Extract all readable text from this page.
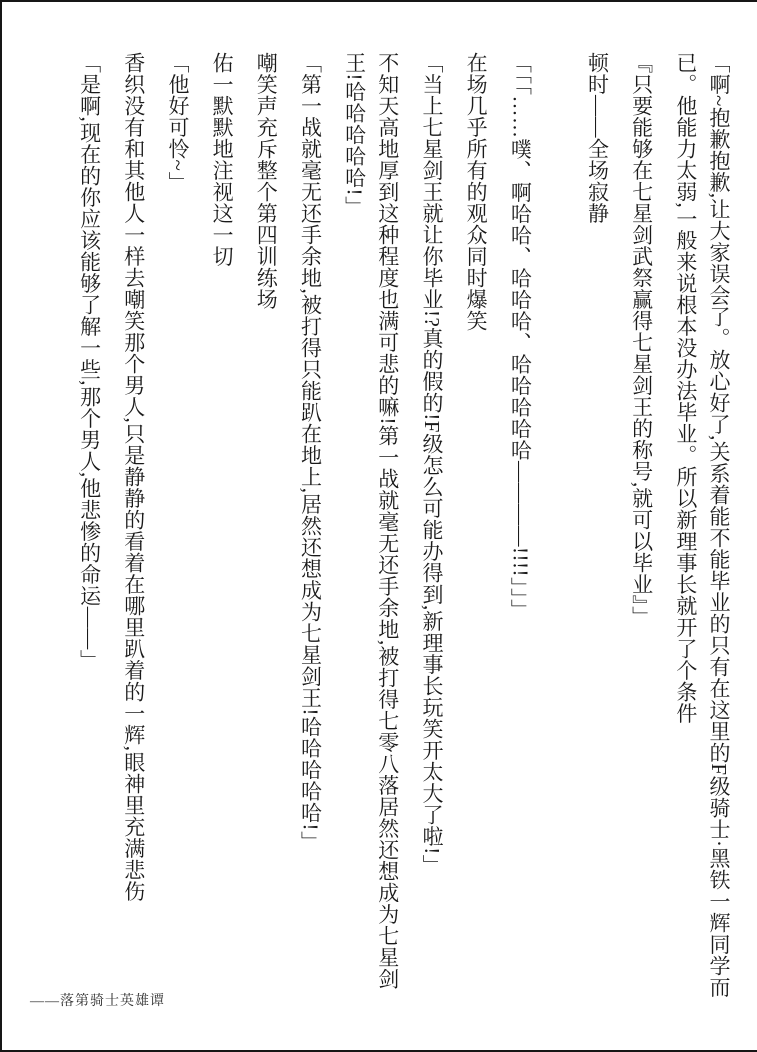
「啊~抱歉抱歉,让大家误会了。放心好了,关系着能不能毕业的只有在这里的F级骑士·黑铁一辉同学而已。他能力太弱,一般来说根本没办法毕业。所以新理事长就开了个条件

『只要能够在七星剑武祭赢得七星剑王的称号,就可以毕业』」

顿时——全场寂静

「「「……噗、啊哈哈、哈哈哈、哈哈哈哈哈————!!!!」」」

在场几乎所有的观众同时爆笑

「当上七星剑王就让你毕业!?真的假的!F级怎么可能办得到,新理事长玩笑开太大了啦!」

不知天高地厚到这种程度也满可悲的嘛!第一战就毫无还手余地,被打得七零八落居然还想成为七星剑王!哈哈哈哈哈!」

「第一战就毫无还手余地,被打得只能趴在地上,居然还想成为七星剑王!哈哈哈哈哈!」

嘲笑声充斥整个第四训练场

佑一默默地注视这一切

「他好可怜~」

香织没有和其他人一样去嘲笑那个男人,只是静静的看着在哪里趴着的一辉,眼神里充满悲伤

「是啊,现在的你应该能够了解一些,那个男人,他悲惨的命运——」

——落第骑士英雄谭
